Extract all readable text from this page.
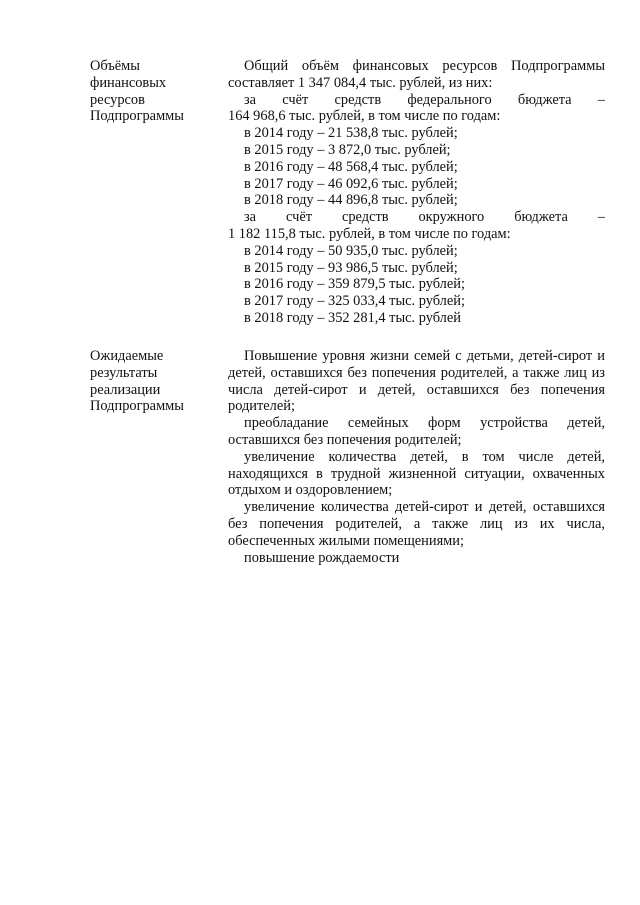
Объёмы
финансовых
ресурсов
Подпрограммы

Общий объём финансовых ресурсов Подпрограммы составляет 1 347 084,4 тыс. рублей, из них:

за счёт средств федерального бюджета –
164 968,6 тыс. рублей, в том числе по годам:
в 2014 году – 21 538,8 тыс. рублей;
в 2015 году – 3 872,0 тыс. рублей;
в 2016 году – 48 568,4 тыс. рублей;
в 2017 году – 46 092,6 тыс. рублей;
в 2018 году – 44 896,8 тыс. рублей;
за счёт средств окружного бюджета –
1 182 115,8 тыс. рублей, в том числе по годам:
в 2014 году – 50 935,0 тыс. рублей;
в 2015 году – 93 986,5 тыс. рублей;
в 2016 году – 359 879,5 тыс. рублей;
в 2017 году – 325 033,4 тыс. рублей;
в 2018 году – 352 281,4 тыс. рублей
Ожидаемые
результаты
реализации
Подпрограммы

Повышение уровня жизни семей с детьми, детей-сирот и детей, оставшихся без попечения родителей, а также лиц из числа детей-сирот и детей, оставшихся без попечения родителей;

преобладание семейных форм устройства детей, оставшихся без попечения родителей;

увеличение количества детей, в том числе детей, находящихся в трудной жизненной ситуации, охваченных отдыхом и оздоровлением;

увеличение количества детей-сирот и детей, оставшихся без попечения родителей, а также лиц из их числа, обеспеченных жилыми помещениями;

повышение рождаемости
